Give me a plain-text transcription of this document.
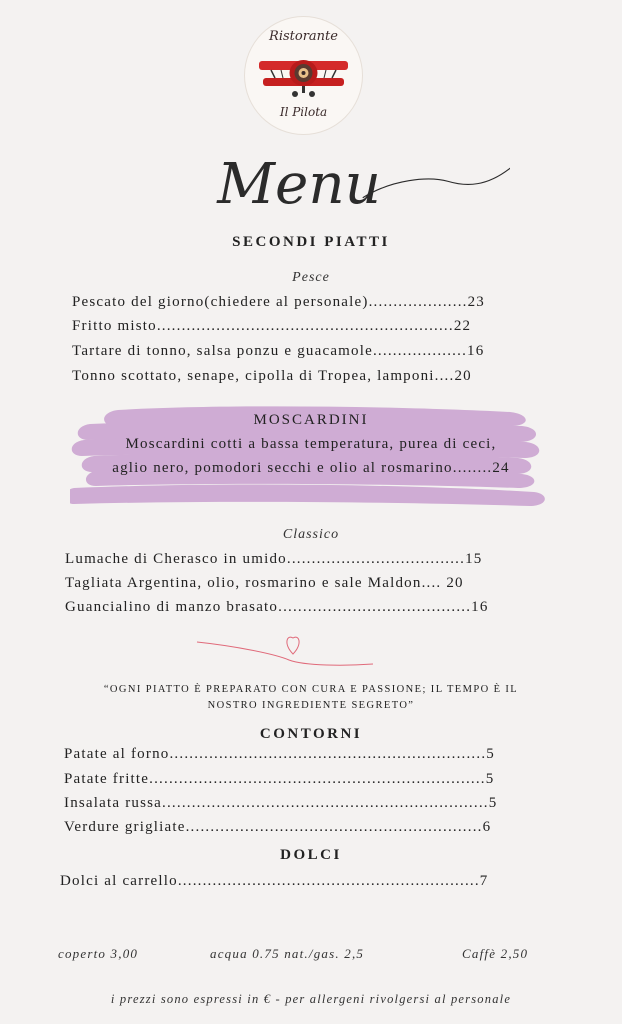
Ristorante
Il Pilota
Menu
SECONDI PIATTI
Pesce
Pescato del giorno(chiedere al personale)....................23
Fritto misto............................................................22
Tartare di tonno, salsa ponzu e guacamole...................16
Tonno scottato, senape, cipolla di Tropea, lamponi....20
MOSCARDINI
Moscardini cotti a bassa temperatura, purea di ceci,
aglio nero, pomodori secchi e olio al rosmarino........24
Classico
Lumache di Cherasco in umido....................................15
Tagliata Argentina, olio, rosmarino e sale Maldon.... 20
Guancialino di manzo brasato.......................................16
“OGNI PIATTO È PREPARATO CON CURA E PASSIONE; IL TEMPO È IL
NOSTRO INGREDIENTE SEGRETO”
CONTORNI
Patate al forno................................................................5
Patate fritte....................................................................5
Insalata russa..................................................................5
Verdure grigliate............................................................6
DOLCI
Dolci al carrello.............................................................7
coperto 3,00	acqua 0.75 nat./gas. 2,5	Caffè 2,50
i prezzi sono espressi in € - per allergeni rivolgersi al personale
